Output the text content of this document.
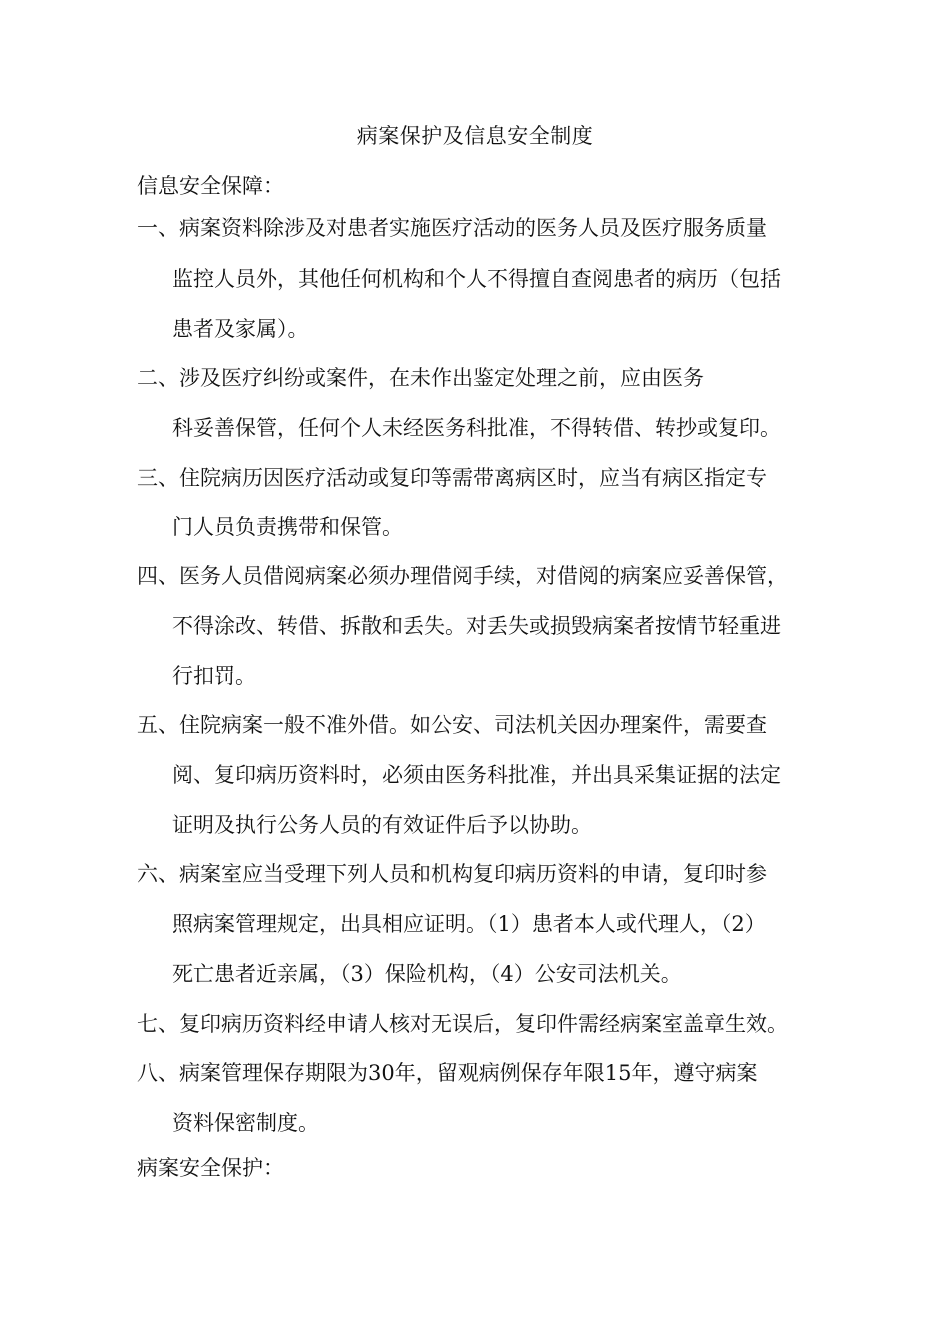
病案保护及信息安全制度
信息安全保障：
一、病案资料除涉及对患者实施医疗活动的医务人员及医疗服务质量
监控人员外，其他任何机构和个人不得擅自查阅患者的病历（包括
患者及家属）。
二、涉及医疗纠纷或案件，在未作出鉴定处理之前，应由医务
科妥善保管，任何个人未经医务科批准，不得转借、转抄或复印。
三、住院病历因医疗活动或复印等需带离病区时，应当有病区指定专
门人员负责携带和保管。
四、医务人员借阅病案必须办理借阅手续，对借阅的病案应妥善保管，
不得涂改、转借、拆散和丢失。对丢失或损毁病案者按情节轻重进
行扣罚。
五、住院病案一般不准外借。如公安、司法机关因办理案件，需要查
阅、复印病历资料时，必须由医务科批准，并出具采集证据的法定
证明及执行公务人员的有效证件后予以协助。
六、病案室应当受理下列人员和机构复印病历资料的申请，复印时参
照病案管理规定，出具相应证明。（1）患者本人或代理人，（2）
死亡患者近亲属，（3）保险机构，（4）公安司法机关。
七、复印病历资料经申请人核对无误后，复印件需经病案室盖章生效。
八、病案管理保存期限为30年，留观病例保存年限15年，遵守病案
资料保密制度。
病案安全保护：
